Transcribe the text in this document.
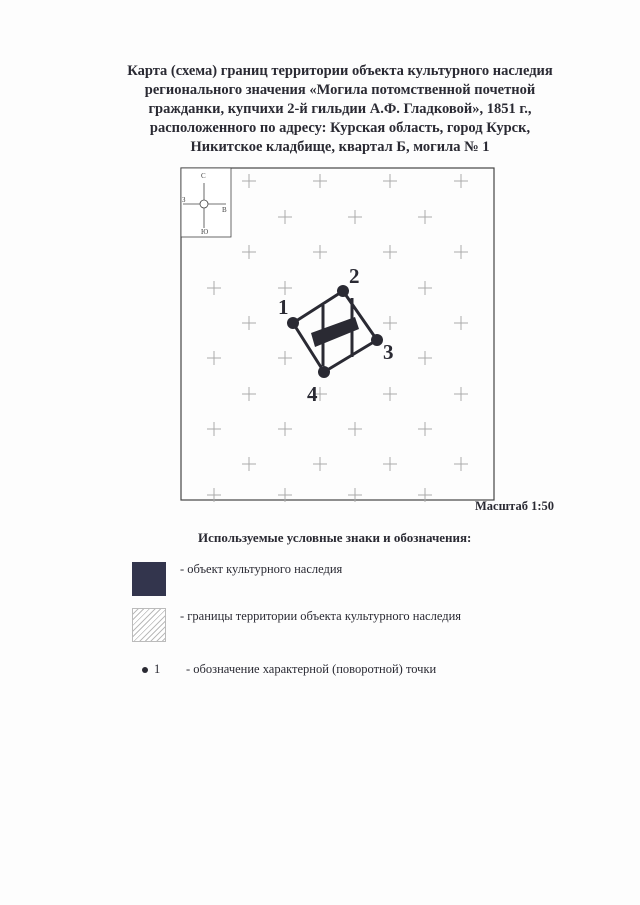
Карта (схема) границ территории объекта культурного наследия
регионального значения «Могила потомственной почетной
гражданки, купчихи 2-й гильдии А.Ф. Гладковой», 1851 г.,
расположенного по адресу: Курская область, город Курск,
Никитское кладбище, квартал Б, могила № 1
С
Ю
З
В
1
2
3
4
Масштаб 1:50
Используемые условные знаки и обозначения:
- объект культурного наследия
- границы территории объекта культурного наследия
1 - обозначение характерной (поворотной) точки
